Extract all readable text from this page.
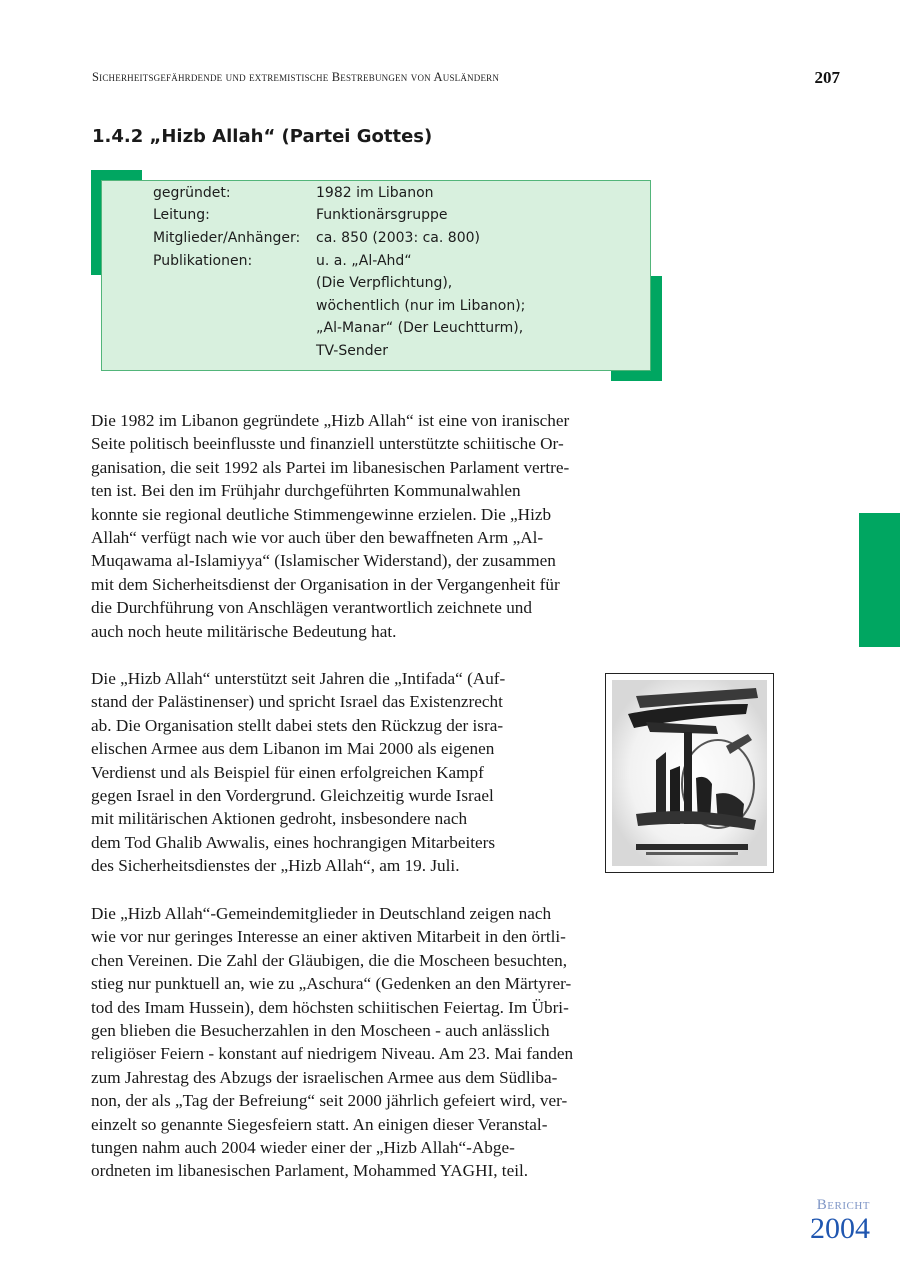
Sicherheitsgefährdende und extremistische Bestrebungen von Ausländern	207
1.4.2 „Hizb Allah“ (Partei Gottes)
gegründet:	1982 im Libanon
Leitung:	Funktionärsgruppe
Mitglieder/Anhänger: ca. 850 (2003: ca. 800)
Publikationen:	u. a. „Al-Ahd“
(Die Verpflichtung),
wöchentlich (nur im Libanon);
„Al-Manar“ (Der Leuchtturm),
TV-Sender
Die 1982 im Libanon gegründete „Hizb Allah“ ist eine von iranischer
Seite politisch beeinflusste und finanziell unterstützte schiitische Or-
ganisation, die seit 1992 als Partei im libanesischen Parlament vertre-
ten ist. Bei den im Frühjahr durchgeführten Kommunalwahlen
konnte sie regional deutliche Stimmengewinne erzielen. Die „Hizb
Allah“ verfügt nach wie vor auch über den bewaffneten Arm „Al-
Muqawama al-Islamiyya“ (Islamischer Widerstand), der zusammen
mit dem Sicherheitsdienst der Organisation in der Vergangenheit für
die Durchführung von Anschlägen verantwortlich zeichnete und
auch noch heute militärische Bedeutung hat.
Die „Hizb Allah“ unterstützt seit Jahren die „Intifada“ (Auf-
stand der Palästinenser) und spricht Israel das Existenzrecht
ab. Die Organisation stellt dabei stets den Rückzug der isra-
elischen Armee aus dem Libanon im Mai 2000 als eigenen
Verdienst und als Beispiel für einen erfolgreichen Kampf
gegen Israel in den Vordergrund. Gleichzeitig wurde Israel
mit militärischen Aktionen gedroht, insbesondere nach
dem Tod Ghalib Awwalis, eines hochrangigen Mitarbeiters
des Sicherheitsdienstes der „Hizb Allah“, am 19. Juli.
Die „Hizb Allah“-Gemeindemitglieder in Deutschland zeigen nach
wie vor nur geringes Interesse an einer aktiven Mitarbeit in den örtli-
chen Vereinen. Die Zahl der Gläubigen, die die Moscheen besuchten,
stieg nur punktuell an, wie zu „Aschura“ (Gedenken an den Märtyrer-
tod des Imam Hussein), dem höchsten schiitischen Feiertag. Im Übri-
gen blieben die Besucherzahlen in den Moscheen - auch anlässlich
religiöser Feiern - konstant auf niedrigem Niveau. Am 23. Mai fanden
zum Jahrestag des Abzugs der israelischen Armee aus dem Südliba-
non, der als „Tag der Befreiung“ seit 2000 jährlich gefeiert wird, ver-
einzelt so genannte Siegesfeiern statt. An einigen dieser Veranstal-
tungen nahm auch 2004 wieder einer der „Hizb Allah“-Abge-
ordneten im libanesischen Parlament, Mohammed YAGHI, teil.
Bericht
2004
